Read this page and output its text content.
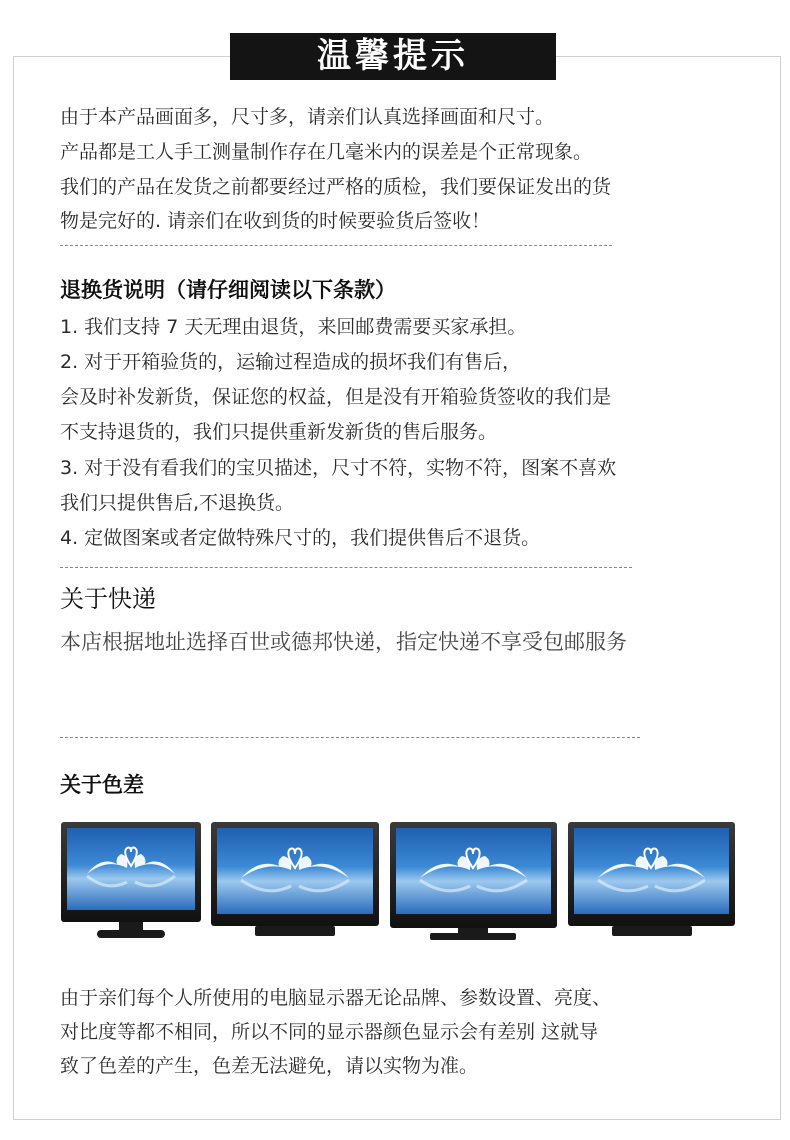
温馨提示
由于本产品画面多，尺寸多，请亲们认真选择画面和尺寸。
产品都是工人手工测量制作存在几毫米内的误差是个正常现象。
我们的产品在发货之前都要经过严格的质检，我们要保证发出的货
物是完好的. 请亲们在收到货的时候要验货后签收！
退换货说明（请仔细阅读以下条款）
1. 我们支持 7 天无理由退货，来回邮费需要买家承担。
2. 对于开箱验货的，运输过程造成的损坏我们有售后，
会及时补发新货，保证您的权益，但是没有开箱验货签收的我们是
不支持退货的，我们只提供重新发新货的售后服务。
3. 对于没有看我们的宝贝描述，尺寸不符，实物不符，图案不喜欢
我们只提供售后,不退换货。
4. 定做图案或者定做特殊尺寸的，我们提供售后不退货。
关于快递
本店根据地址选择百世或德邦快递，指定快递不享受包邮服务
关于色差
由于亲们每个人所使用的电脑显示器无论品牌、参数设置、亮度、
对比度等都不相同，所以不同的显示器颜色显示会有差别 这就导
致了色差的产生，色差无法避免，请以实物为准。
